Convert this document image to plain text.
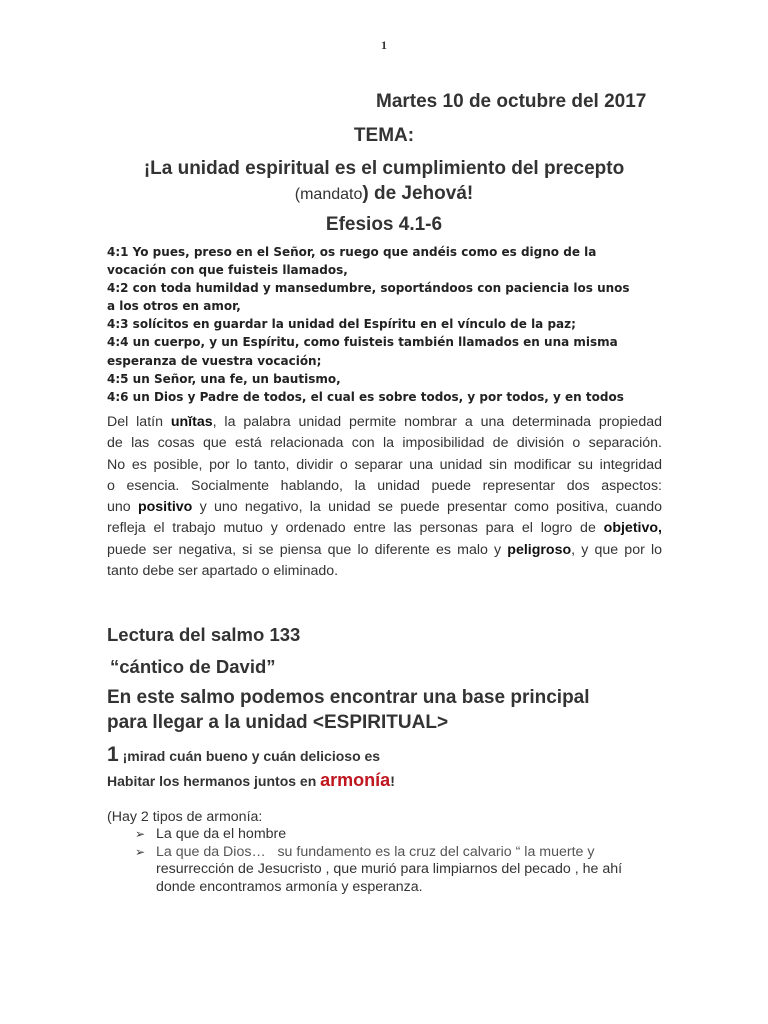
1
Martes 10 de octubre del 2017
TEMA:
¡La unidad espiritual es el cumplimiento del precepto
(mandato) de Jehová!
Efesios 4.1-6
4:1 Yo pues, preso en el Señor, os ruego que andéis como es digno de la
vocación con que fuisteis llamados,
4:2 con toda humildad y mansedumbre, soportándoos con paciencia los unos
a los otros en amor,
4:3 solícitos en guardar la unidad del Espíritu en el vínculo de la paz;
4:4 un cuerpo, y un Espíritu, como fuisteis también llamados en una misma
esperanza de vuestra vocación;
4:5 un Señor, una fe, un bautismo,
4:6 un Dios y Padre de todos, el cual es sobre todos, y por todos, y en todos
Del latín unĭtas, la palabra unidad permite nombrar a una determinada propiedad
de las cosas que está relacionada con la imposibilidad de división o separación.
No es posible, por lo tanto, dividir o separar una unidad sin modificar su integridad
o esencia. Socialmente hablando, la unidad puede representar dos aspectos:
uno positivo y uno negativo, la unidad se puede presentar como positiva, cuando
refleja el trabajo mutuo y ordenado entre las personas para el logro de objetivo,
puede ser negativa, si se piensa que lo diferente es malo y peligroso, y que por lo
tanto debe ser apartado o eliminado.
Lectura del salmo 133
“cántico de David”
En este salmo podemos encontrar una base principal
para llegar a la unidad <ESPIRITUAL>
1 ¡mirad cuán bueno y cuán delicioso es
Habitar los hermanos juntos en armonía!
(Hay 2 tipos de armonía:
➢ La que da el hombre
➢ La que da Dios…   su fundamento es la cruz del calvario “ la muerte y
resurrección de Jesucristo , que murió para limpiarnos del pecado , he ahí
donde encontramos armonía y esperanza.
